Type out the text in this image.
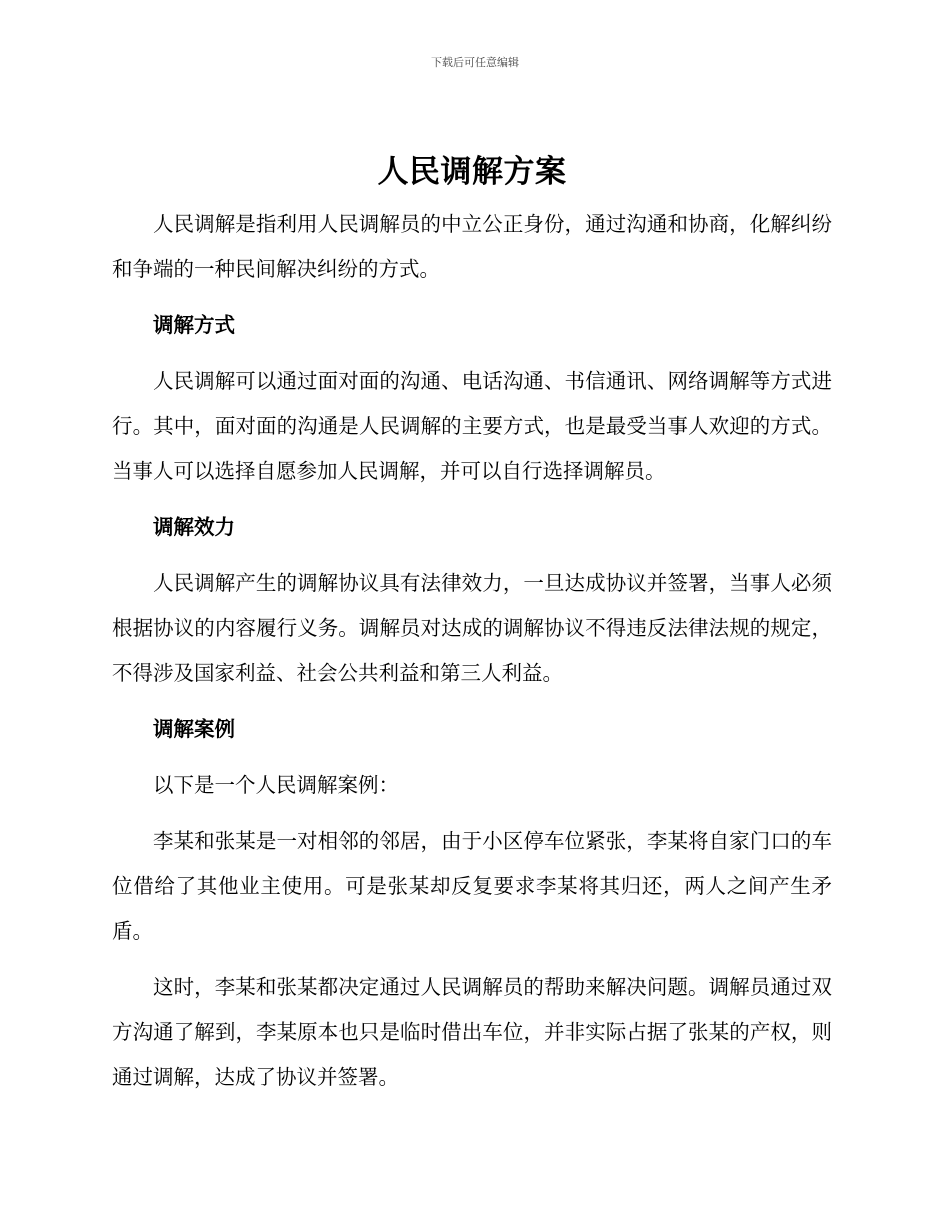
下载后可任意编辑
人民调解方案

人民调解是指利用人民调解员的中立公正身份，通过沟通和协商，化解纠纷和争端的一种民间解决纠纷的方式。

调解方式

人民调解可以通过面对面的沟通、电话沟通、书信通讯、网络调解等方式进行。其中，面对面的沟通是人民调解的主要方式，也是最受当事人欢迎的方式。当事人可以选择自愿参加人民调解，并可以自行选择调解员。

调解效力

人民调解产生的调解协议具有法律效力，一旦达成协议并签署，当事人必须根据协议的内容履行义务。调解员对达成的调解协议不得违反法律法规的规定，不得涉及国家利益、社会公共利益和第三人利益。

调解案例

以下是一个人民调解案例：

李某和张某是一对相邻的邻居，由于小区停车位紧张，李某将自家门口的车位借给了其他业主使用。可是张某却反复要求李某将其归还，两人之间产生矛盾。

这时，李某和张某都决定通过人民调解员的帮助来解决问题。调解员通过双方沟通了解到，李某原本也只是临时借出车位，并非实际占据了张某的产权，则通过调解，达成了协议并签署。
